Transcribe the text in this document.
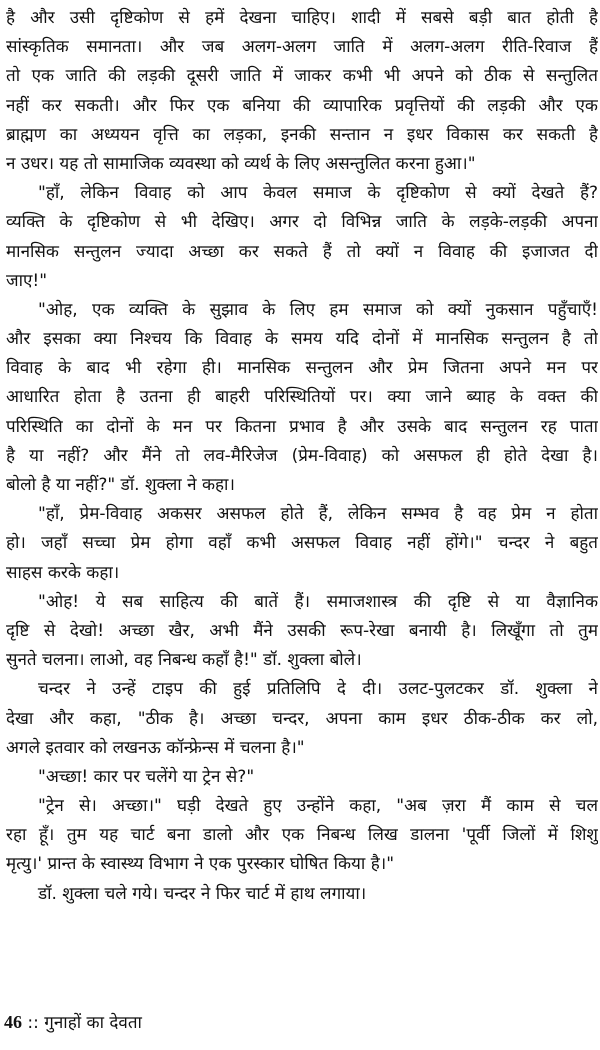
है और उसी दृष्टिकोण से हमें देखना चाहिए। शादी में सबसे बड़ी बात होती है
सांस्कृतिक समानता। और जब अलग-अलग जाति में अलग-अलग रीति-रिवाज हैं
तो एक जाति की लड़की दूसरी जाति में जाकर कभी भी अपने को ठीक से सन्तुलित
नहीं कर सकती। और फिर एक बनिया की व्यापारिक प्रवृत्तियों की लड़की और एक
ब्राह्मण का अध्ययन वृत्ति का लड़का, इनकी सन्तान न इधर विकास कर सकती है
न उधर। यह तो सामाजिक व्यवस्था को व्यर्थ के लिए असन्तुलित करना हुआ।"
"हाँ, लेकिन विवाह को आप केवल समाज के दृष्टिकोण से क्यों देखते हैं?
व्यक्ति के दृष्टिकोण से भी देखिए। अगर दो विभिन्न जाति के लड़के-लड़की अपना
मानसिक सन्तुलन ज्यादा अच्छा कर सकते हैं तो क्यों न विवाह की इजाजत दी
जाए!"
"ओह, एक व्यक्ति के सुझाव के लिए हम समाज को क्यों नुकसान पहुँचाएँ!
और इसका क्या निश्चय कि विवाह के समय यदि दोनों में मानसिक सन्तुलन है तो
विवाह के बाद भी रहेगा ही। मानसिक सन्तुलन और प्रेम जितना अपने मन पर
आधारित होता है उतना ही बाहरी परिस्थितियों पर। क्या जाने ब्याह के वक्त की
परिस्थिति का दोनों के मन पर कितना प्रभाव है और उसके बाद सन्तुलन रह पाता
है या नहीं? और मैंने तो लव-मैरिजेज (प्रेम-विवाह) को असफल ही होते देखा है।
बोलो है या नहीं?" डॉ. शुक्ला ने कहा।
"हाँ, प्रेम-विवाह अकसर असफल होते हैं, लेकिन सम्भव है वह प्रेम न होता
हो। जहाँ सच्चा प्रेम होगा वहाँ कभी असफल विवाह नहीं होंगे।" चन्दर ने बहुत
साहस करके कहा।
"ओह! ये सब साहित्य की बातें हैं। समाजशास्त्र की दृष्टि से या वैज्ञानिक
दृष्टि से देखो! अच्छा खैर, अभी मैंने उसकी रूप-रेखा बनायी है। लिखूँगा तो तुम
सुनते चलना। लाओ, वह निबन्ध कहाँ है!" डॉ. शुक्ला बोले।
चन्दर ने उन्हें टाइप की हुई प्रतिलिपि दे दी। उलट-पुलटकर डॉ. शुक्ला ने
देखा और कहा, "ठीक है। अच्छा चन्दर, अपना काम इधर ठीक-ठीक कर लो,
अगले इतवार को लखनऊ कॉन्फ्रेन्स में चलना है।"
"अच्छा! कार पर चलेंगे या ट्रेन से?"
"ट्रेन से। अच्छा।" घड़ी देखते हुए उन्होंने कहा, "अब ज़रा मैं काम से चल
रहा हूँ। तुम यह चार्ट बना डालो और एक निबन्ध लिख डालना 'पूर्वी जिलों में शिशु
मृत्यु।' प्रान्त के स्वास्थ्य विभाग ने एक पुरस्कार घोषित किया है।"
डॉ. शुक्ला चले गये। चन्दर ने फिर चार्ट में हाथ लगाया।
46 :: गुनाहों का देवता
